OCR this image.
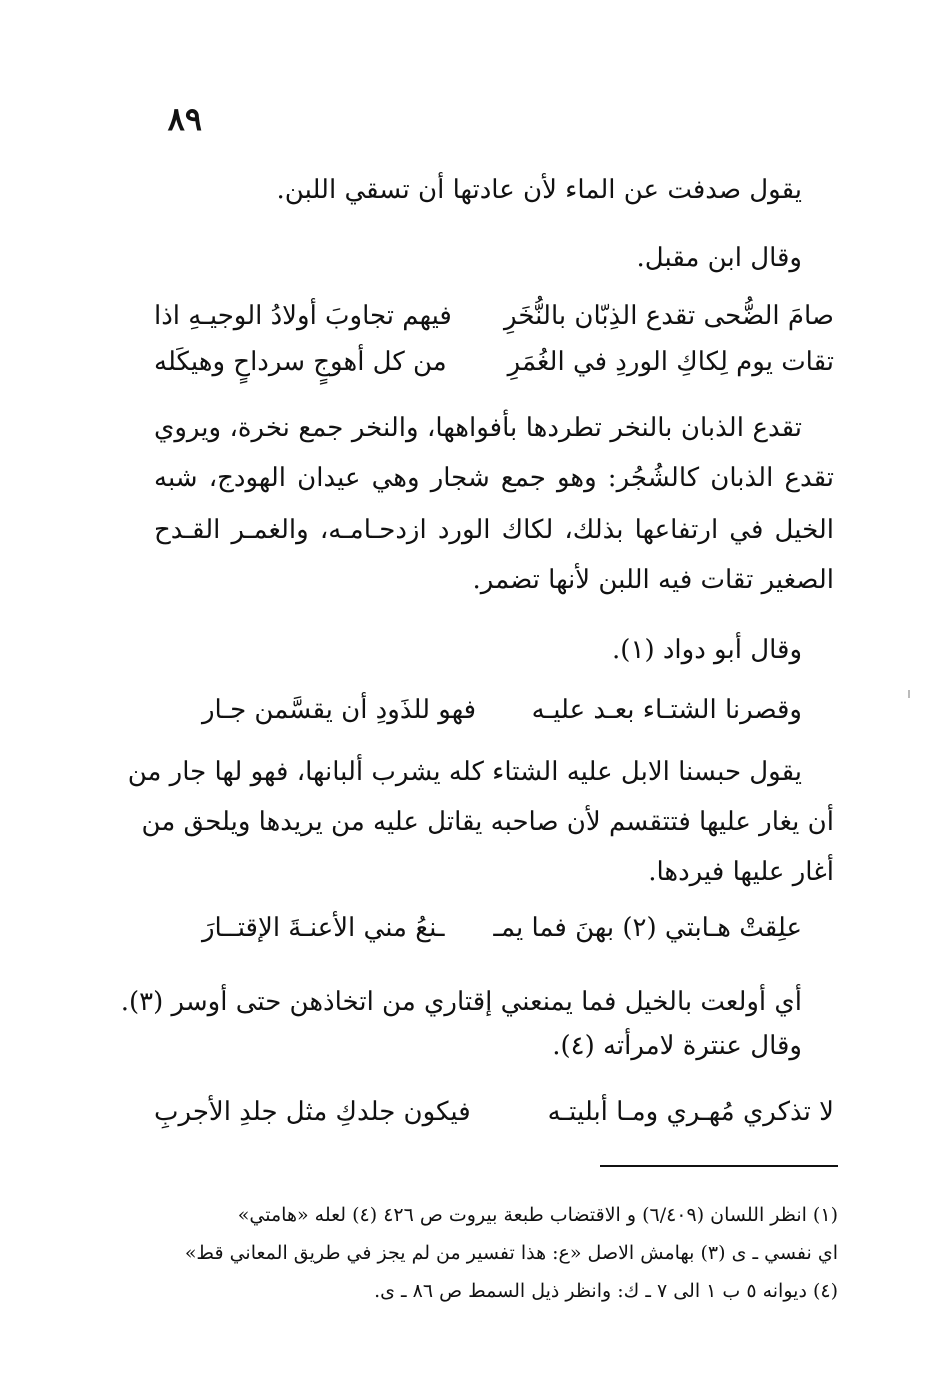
٨٩
يقول صدفت عن الماء لأن عادتها أن تسقي اللبن.
وقال ابن مقبل.
صامَ الضُّحى تقدع الذِبّان بالنُّخَرِ
فيهم تجاوبَ أولادُ الوجيـهِ اذا
تقات يوم لِكاكِ الوردِ في الغُمَرِ
من كل أهوجٍ سرداحٍ وهيكَله
تقدع الذبان بالنخر تطردها بأفواهها، والنخر جمع نخرة، ويروي
تقدع الذبان كالشُجُر: وهو جمع شجار وهي عيدان الهودج، شبه
الخيل في ارتفاعها بذلك، لكاك الورد ازدحـامـه، والغمـر القـدح
الصغير تقات فيه اللبن لأنها تضمر.
وقال أبو دواد (١).
وقصرنا الشتـاء بعـد عليـه
فهو للذَودِ أن يقسَّمن جـار
يقول حبسنا الابل عليه الشتاء كله يشرب ألبانها، فهو لها جار من
أن يغار عليها فتتقسم لأن صاحبه يقاتل عليه من يريدها ويلحق من
أغار عليها فيردها.
علِقتْ هـابتي (٢) بهنَ فما يمـ
ـنعُ مني الأعنـةَ الإقتــارَ
أي أولعت بالخيل فما يمنعني إقتاري من اتخاذهن حتى أوسر (٣).
وقال عنترة لامرأته (٤).
لا تذكري مُهـري ومـا أبليتـه
فيكون جلدكِ مثل جلدِ الأجربِ
(١) انظر اللسان (٦/٤٠٩) و الاقتضاب طبعة بيروت ص ٤٢٦ (٤) لعله «هامتي»
اي نفسي ـ ى (٣) بهامش الاصل «ع: هذا تفسير من لم يجز في طريق المعاني قط»
(٤) ديوانه ٥ ب ١ الى ٧ ـ ك: وانظر ذيل السمط ص ٨٦ ـ ى.
